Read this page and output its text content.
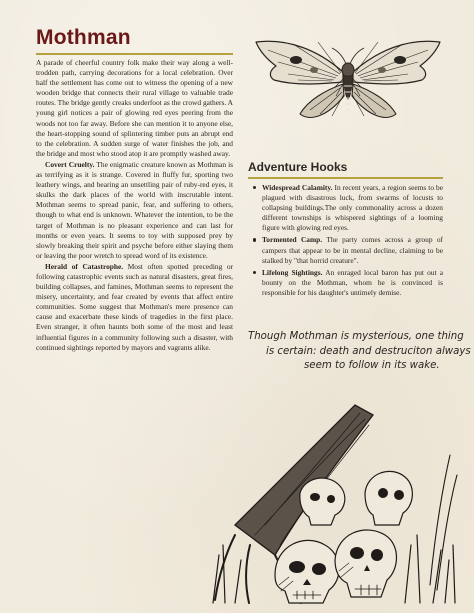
Mothman

A parade of cheerful country folk make their way along a well-trodden path, carrying decorations for a local celebration. Over half the settlement has come out to witness the opening of a new wooden bridge that connects their rural village to valuable trade routes. The bridge gently creaks underfoot as the crowd gathers. A young girl notices a pair of glowing red eyes peering from the woods not too far away. Before she can mention it to anyone else, the heart-stopping sound of splintering timber puts an abrupt end to the celebration. A sudden surge of water finishes the job, and the bridge and most who stood atop it are promptly washed away.

Covert Cruelty. The enigmatic creature known as Mothman is as terrifying as it is strange. Covered in fluffy fur, sporting two leathery wings, and bearing an unsettling pair of ruby-red eyes, it skulks the dark places of the world with inscrutable intent. Mothman seems to spread panic, fear, and suffering to others, though to what end is unknown. Whatever the intention, to be the target of Mothman is no pleasant experience and can last for months or even years. It seems to toy with supposed prey by slowly breaking their spirit and psyche before either slaying them or leaving the poor wretch to spread word of its existence.

Herald of Catastrophe. Most often spotted preceding or following catastrophic events such as natural disasters, great fires, building collapses, and famines, Mothman seems to represent the misery, uncertainty, and fear created by events that affect entire communities. Some suggest that Mothman's mere presence can cause and exacerbate these kinds of tragedies in the first place. Even stranger, it often haunts both some of the most and least influential figures in a community following such a disaster, with continued sightings reported by mayors and vagrants alike.

Adventure Hooks
Widespread Calamity. In recent years, a region seems to be plagued with disastrous luck, from swarms of locusts to collapsing buildings.The only commonality across a dozen different townships is whispered sightings of a looming figure with glowing red eyes.
Tormented Camp. The party comes across a group of campers that appear to be in mental decline, claiming to be stalked by "that horrid creature".
Lifelong Sightings. An enraged local baron has put out a bounty on the Mothman, whom he is convinced is responsible for his daughter's untimely demise.
Though Mothman is mysterious, one thing
is certain: death and destruciton always
seem to follow in its wake.
